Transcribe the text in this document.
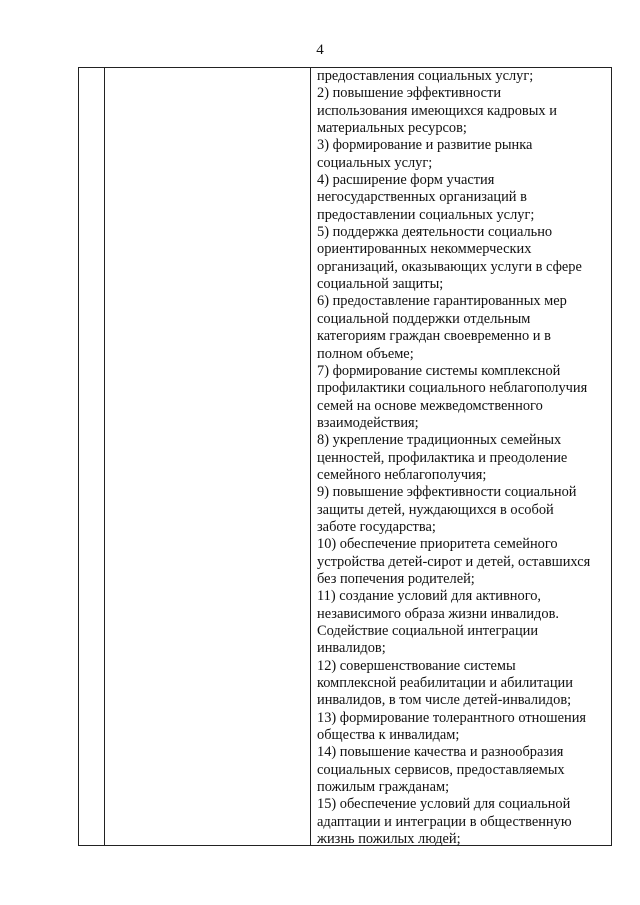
4
предоставления социальных услуг;
2) повышение эффективности
использования имеющихся кадровых и
материальных ресурсов;
3) формирование и развитие рынка
социальных услуг;
4) расширение форм участия
негосударственных организаций в
предоставлении социальных услуг;
5) поддержка деятельности социально
ориентированных некоммерческих
организаций, оказывающих услуги в сфере
социальной защиты;
6) предоставление гарантированных мер
социальной поддержки отдельным
категориям граждан своевременно и в
полном объеме;
7) формирование системы комплексной
профилактики социального неблагополучия
семей на основе межведомственного
взаимодействия;
8) укрепление традиционных семейных
ценностей, профилактика и преодоление
семейного неблагополучия;
9) повышение эффективности социальной
защиты детей, нуждающихся в особой
заботе государства;
10) обеспечение приоритета семейного
устройства детей-сирот и детей, оставшихся
без попечения родителей;
11) создание условий для активного,
независимого образа жизни инвалидов.
Содействие социальной интеграции
инвалидов;
12) совершенствование системы
комплексной реабилитации и абилитации
инвалидов, в том числе детей-инвалидов;
13) формирование толерантного отношения
общества к инвалидам;
14) повышение качества и разнообразия
социальных сервисов, предоставляемых
пожилым гражданам;
15) обеспечение условий для социальной
адаптации и интеграции в общественную
жизнь пожилых людей;
